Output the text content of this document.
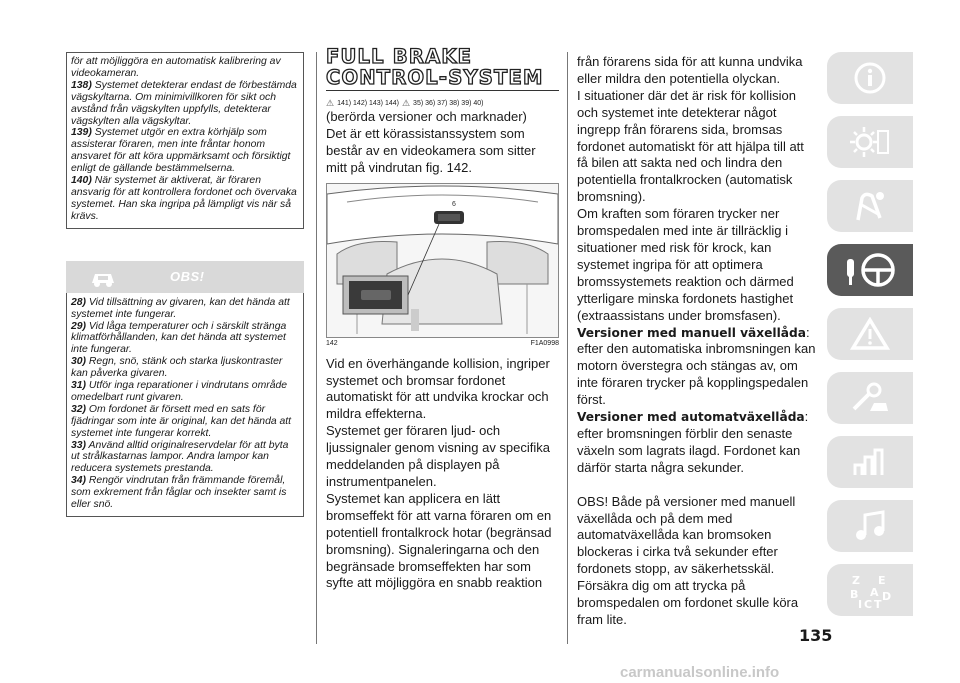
för att möjliggöra en automatisk kalibrering av videokameran.

138) Systemet detekterar endast de förbestämda vägskyltarna. Om minimivillkoren för sikt och avstånd från vägskylten uppfylls, detekterar vägskylten alla vägskyltar.

139) Systemet utgör en extra körhjälp som assisterar föraren, men inte fråntar honom ansvaret för att köra uppmärksamt och försiktigt enligt de gällande bestämmelserna.

140) När systemet är aktiverat, är föraren ansvarig för att kontrollera fordonet och övervaka systemet. Han ska ingripa på lämpligt vis när så krävs.

OBS!

28) Vid tillsättning av givaren, kan det hända att systemet inte fungerar.

29) Vid låga temperaturer och i särskilt stränga klimatförhållanden, kan det hända att systemet inte fungerar.

30) Regn, snö, stänk och starka ljuskontraster kan påverka givaren.

31) Utför inga reparationer i vindrutans område omedelbart runt givaren.

32) Om fordonet är försett med en sats för fjädringar som inte är original, kan det hända att systemet inte fungerar korrekt.

33) Använd alltid originalreservdelar för att byta ut strålkastarnas lampor. Andra lampor kan reducera systemets prestanda.

34) Rengör vindrutan från främmande föremål, som exkrement från fåglar och insekter samt is eller snö.

FULL BRAKE
CONTROL-SYSTEM
⚠ 141) 142) 143) 144) ⚠ 35) 36) 37) 38) 39) 40)

(berörda versioner och marknader)

Det är ett körassistanssystem som består av en videokamera som sitter mitt på vindrutan fig. 142.

6
142	F1A0998

Vid en överhängande kollision, ingriper systemet och bromsar fordonet automatiskt för att undvika krockar och mildra effekterna.

Systemet ger föraren ljud- och ljussignaler genom visning av specifika meddelanden på displayen på instrumentpanelen.

Systemet kan applicera en lätt bromseffekt för att varna föraren om en potentiell frontalkrock hotar (begränsad bromsning). Signaleringarna och den begränsade bromseffekten har som syfte att möjliggöra en snabb reaktion

från förarens sida för att kunna undvika eller mildra den potentiella olyckan.

I situationer där det är risk för kollision och systemet inte detekterar något ingrepp från förarens sida, bromsas fordonet automatiskt för att hjälpa till att få bilen att sakta ned och lindra den potentiella frontalkrocken (automatisk bromsning).

Om kraften som föraren trycker ner bromspedalen med inte är tillräcklig i situationer med risk för krock, kan systemet ingripa för att optimera bromssystemets reaktion och därmed ytterligare minska fordonets hastighet (extraassistans under bromsfasen).

Versioner med manuell växellåda:
efter den automatiska inbromsningen kan motorn överstegra och stängas av, om inte föraren trycker på kopplingspedalen först.

Versioner med automatväxellåda:
efter bromsningen förblir den senaste växeln som lagrats ilagd. Fordonet kan därför starta några sekunder.

OBS! Både på versioner med manuell växellåda och på dem med automatväxellåda kan bromsoken blockeras i cirka två sekunder efter fordonets stopp, av säkerhetsskäl. Försäkra dig om att trycka på bromspedalen om fordonet skulle köra fram lite.

135
Z E
B A D
I C T
carmanualsonline.info
